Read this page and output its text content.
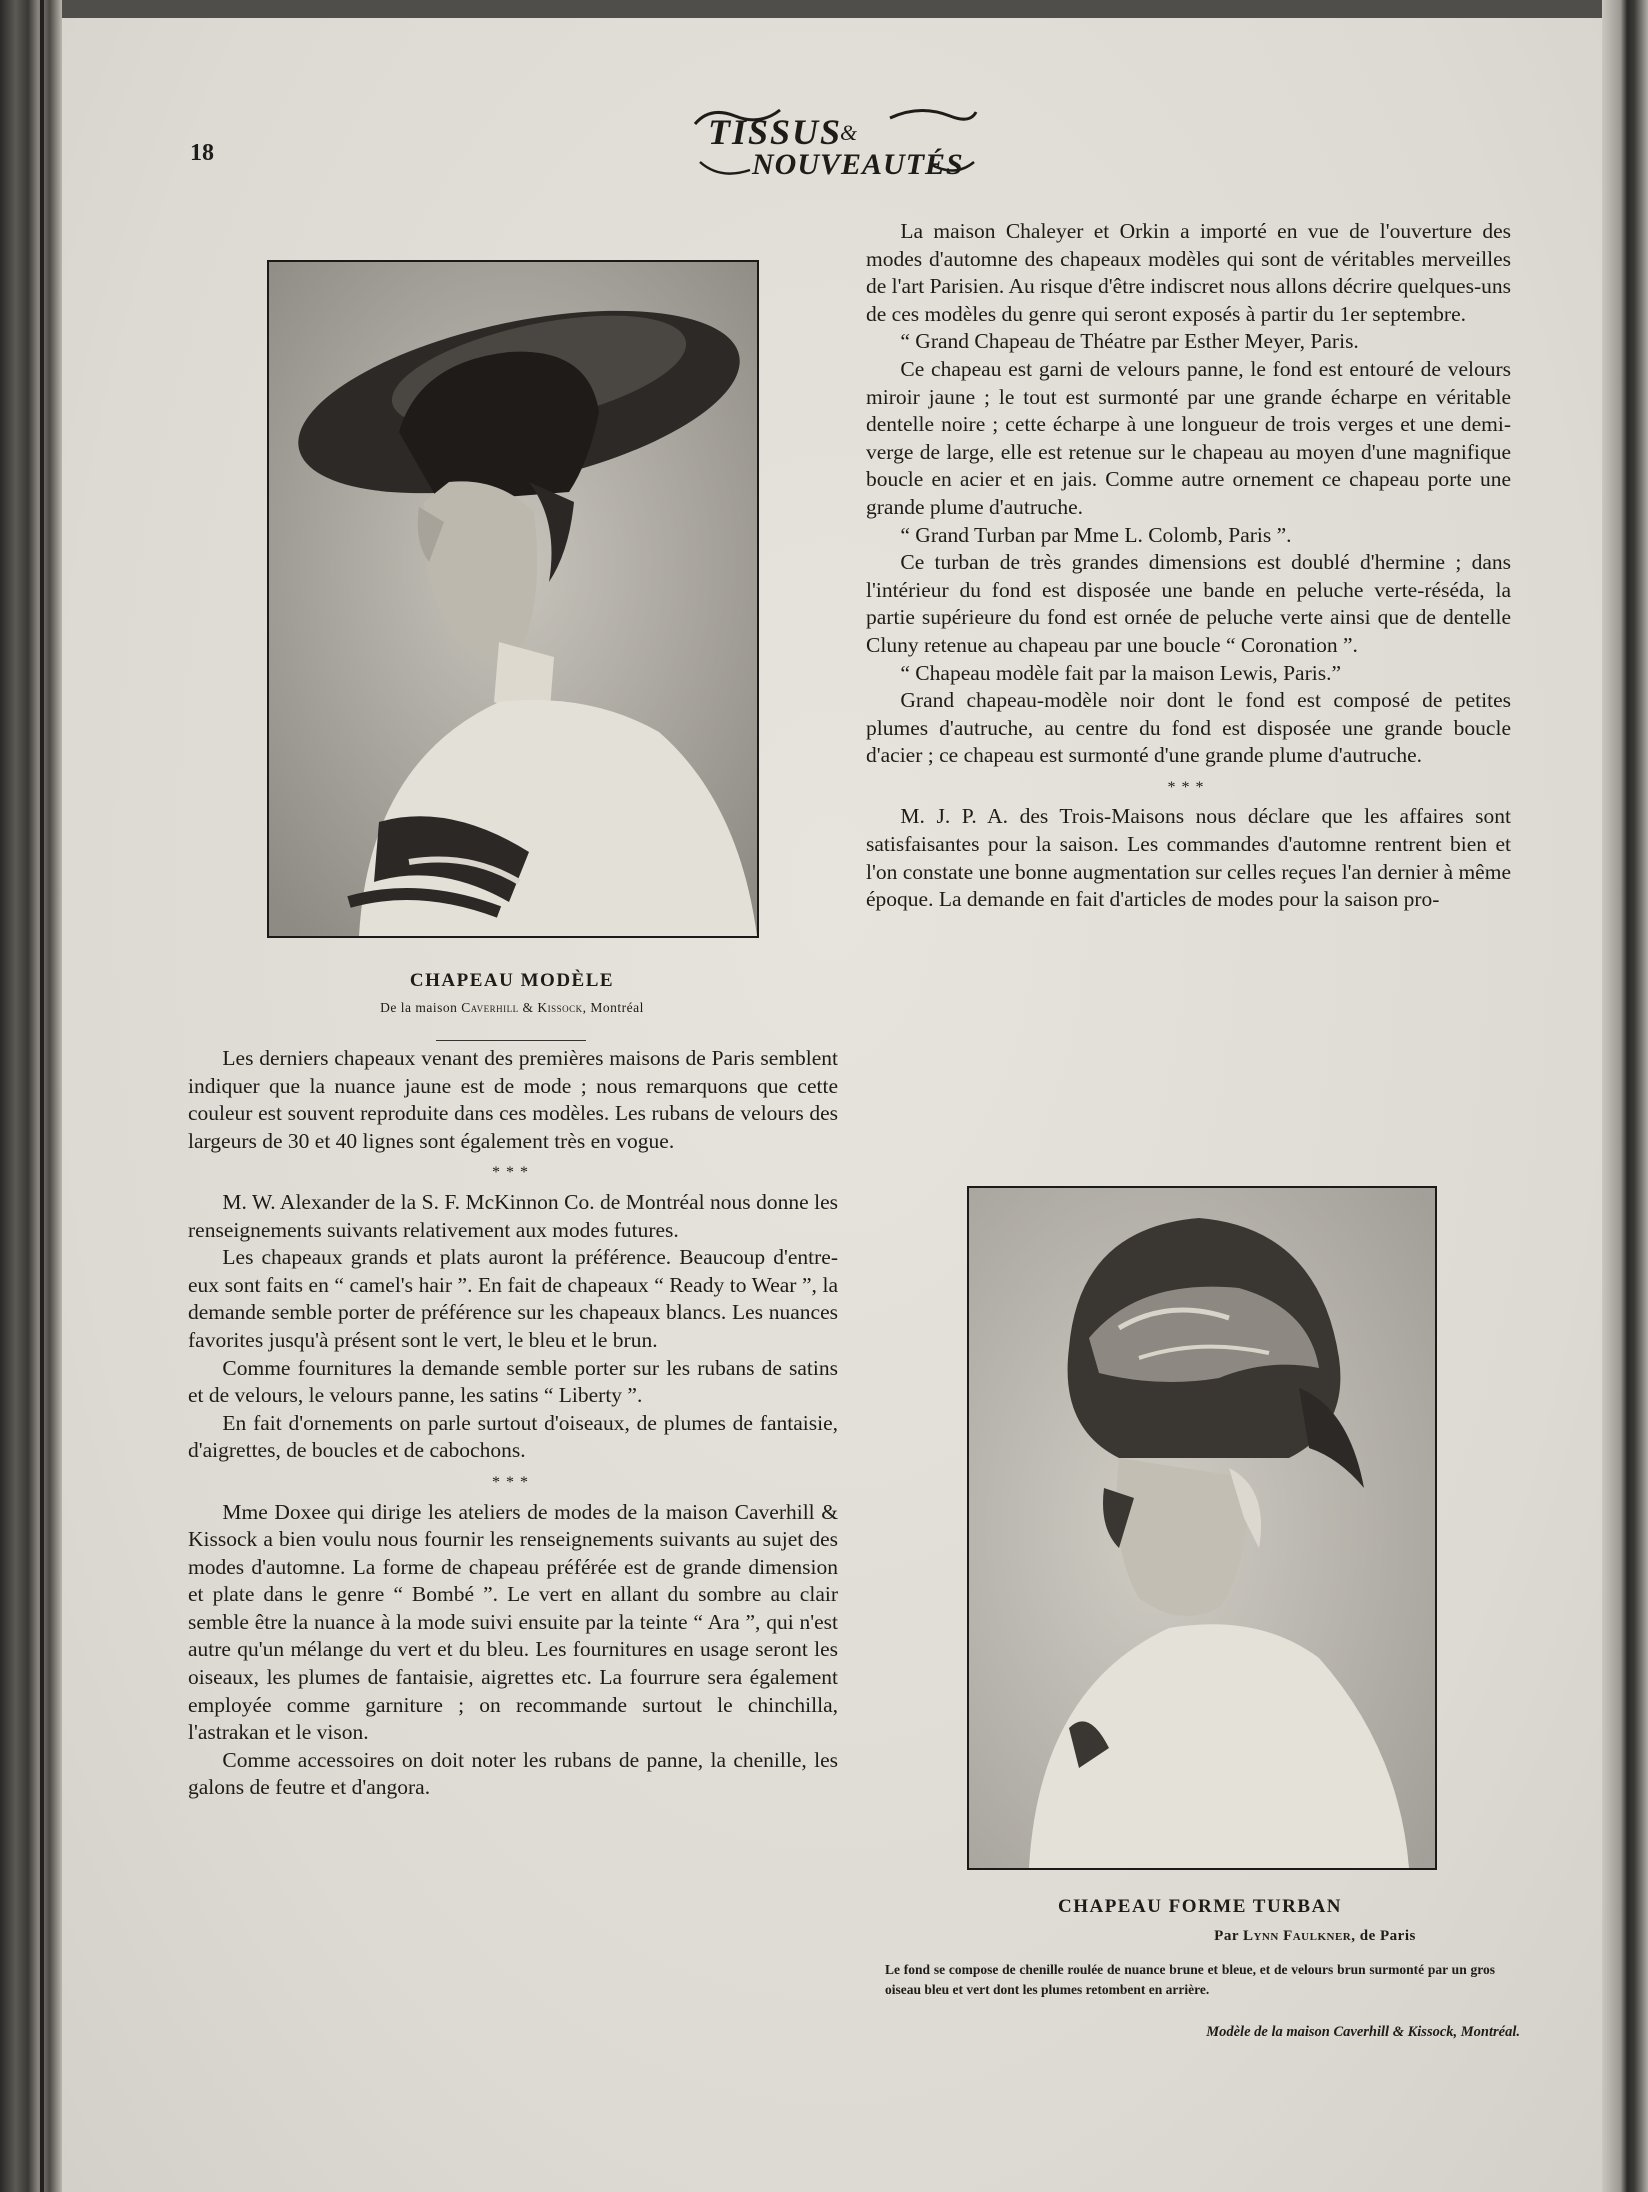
18
TISSUS
&
NOUVEAUTÉS
CHAPEAU MODÈLE
De la maison Caverhill & Kissock, Montréal

Les derniers chapeaux venant des premières maisons de Paris semblent indiquer que la nuance jaune est de mode ; nous remarquons que cette couleur est souvent reproduite dans ces modèles. Les rubans de velours des largeurs de 30 et 40 lignes sont également très en vogue.

***

M. W. Alexander de la S. F. McKinnon Co. de Montréal nous donne les renseignements suivants relativement aux modes futures.

Les chapeaux grands et plats auront la préférence. Beaucoup d'entre-eux sont faits en “ camel's hair ”. En fait de chapeaux “ Ready to Wear ”, la demande semble porter de préférence sur les chapeaux blancs. Les nuances favorites jusqu'à présent sont le vert, le bleu et le brun.

Comme fournitures la demande semble porter sur les rubans de satins et de velours, le velours panne, les satins “ Liberty ”.

En fait d'ornements on parle surtout d'oiseaux, de plumes de fantaisie, d'aigrettes, de boucles et de cabochons.

***

Mme Doxee qui dirige les ateliers de modes de la maison Caverhill & Kissock a bien voulu nous fournir les renseignements suivants au sujet des modes d'automne. La forme de chapeau préférée est de grande dimension et plate dans le genre “ Bombé ”. Le vert en allant du sombre au clair semble être la nuance à la mode suivi ensuite par la teinte “ Ara ”, qui n'est autre qu'un mélange du vert et du bleu. Les fournitures en usage seront les oiseaux, les plumes de fantaisie, aigrettes etc. La fourrure sera également employée comme garniture ; on recommande surtout le chinchilla, l'astrakan et le vison.

Comme accessoires on doit noter les rubans de panne, la chenille, les galons de feutre et d'angora.

La maison Chaleyer et Orkin a importé en vue de l'ouverture des modes d'automne des chapeaux modèles qui sont de véritables merveilles de l'art Parisien. Au risque d'être indiscret nous allons décrire quelques-uns de ces modèles du genre qui seront exposés à partir du 1er septembre.

“ Grand Chapeau de Théatre par Esther Meyer, Paris.

Ce chapeau est garni de velours panne, le fond est entouré de velours miroir jaune ; le tout est surmonté par une grande écharpe en véritable dentelle noire ; cette écharpe à une longueur de trois verges et une demi-verge de large, elle est retenue sur le chapeau au moyen d'une magnifique boucle en acier et en jais. Comme autre ornement ce chapeau porte une grande plume d'autruche.

“ Grand Turban par Mme L. Colomb, Paris ”.

Ce turban de très grandes dimensions est doublé d'hermine ; dans l'intérieur du fond est disposée une bande en peluche verte-réséda, la partie supérieure du fond est ornée de peluche verte ainsi que de dentelle Cluny retenue au chapeau par une boucle “ Coronation ”.

“ Chapeau modèle fait par la maison Lewis, Paris.”

Grand chapeau-modèle noir dont le fond est composé de petites plumes d'autruche, au centre du fond est disposée une grande boucle d'acier ; ce chapeau est surmonté d'une grande plume d'autruche.

***

M. J. P. A. des Trois-Maisons nous déclare que les affaires sont satisfaisantes pour la saison. Les commandes d'automne rentrent bien et l'on constate une bonne augmentation sur celles reçues l'an dernier à même époque. La demande en fait d'articles de modes pour la saison pro-

CHAPEAU FORME TURBAN
Par Lynn Faulkner, de Paris
Le fond se compose de chenille roulée de nuance brune et bleue, et de velours brun surmonté par un gros oiseau bleu et vert dont les plumes retombent en arrière.
Modèle de la maison Caverhill & Kissock, Montréal.
